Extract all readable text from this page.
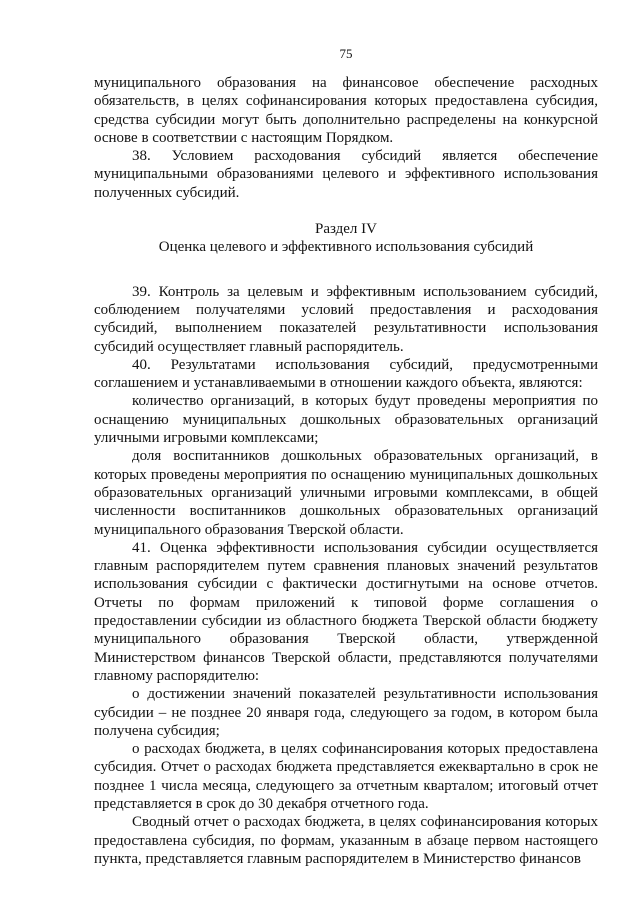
75

муниципального образования на финансовое обеспечение расходных обязательств, в целях софинансирования которых предоставлена субсидия, средства субсидии могут быть дополнительно распределены на конкурсной основе в соответствии с настоящим Порядком.

38. Условием расходования субсидий является обеспечение муниципальными образованиями целевого и эффективного использования полученных субсидий.

Раздел IV

Оценка целевого и эффективного использования субсидий

39. Контроль за целевым и эффективным использованием субсидий, соблюдением получателями условий предоставления и расходования субсидий, выполнением показателей результативности использования субсидий осуществляет главный распорядитель.

40. Результатами использования субсидий, предусмотренными соглашением и устанавливаемыми в отношении каждого объекта, являются:

количество организаций, в которых будут проведены мероприятия по оснащению муниципальных дошкольных образовательных организаций уличными игровыми комплексами;

доля воспитанников дошкольных образовательных организаций, в которых проведены мероприятия по оснащению муниципальных дошкольных образовательных организаций уличными игровыми комплексами, в общей численности воспитанников дошкольных образовательных организаций муниципального образования Тверской области.

41. Оценка эффективности использования субсидии осуществляется главным распорядителем путем сравнения плановых значений результатов использования субсидии с фактически достигнутыми на основе отчетов. Отчеты по формам приложений к типовой форме соглашения о предоставлении субсидии из областного бюджета Тверской области бюджету муниципального образования Тверской области, утвержденной Министерством финансов Тверской области, представляются получателями главному распорядителю:

о достижении значений показателей результативности использования субсидии – не позднее 20 января года, следующего за годом, в котором была получена субсидия;

о расходах бюджета, в целях софинансирования которых предоставлена субсидия. Отчет о расходах бюджета представляется ежеквартально в срок не позднее 1 числа месяца, следующего за отчетным кварталом; итоговый отчет представляется в срок до 30 декабря отчетного года.

Сводный отчет о расходах бюджета, в целях софинансирования которых предоставлена субсидия, по формам, указанным в абзаце первом настоящего пункта, представляется главным распорядителем в Министерство финансов
